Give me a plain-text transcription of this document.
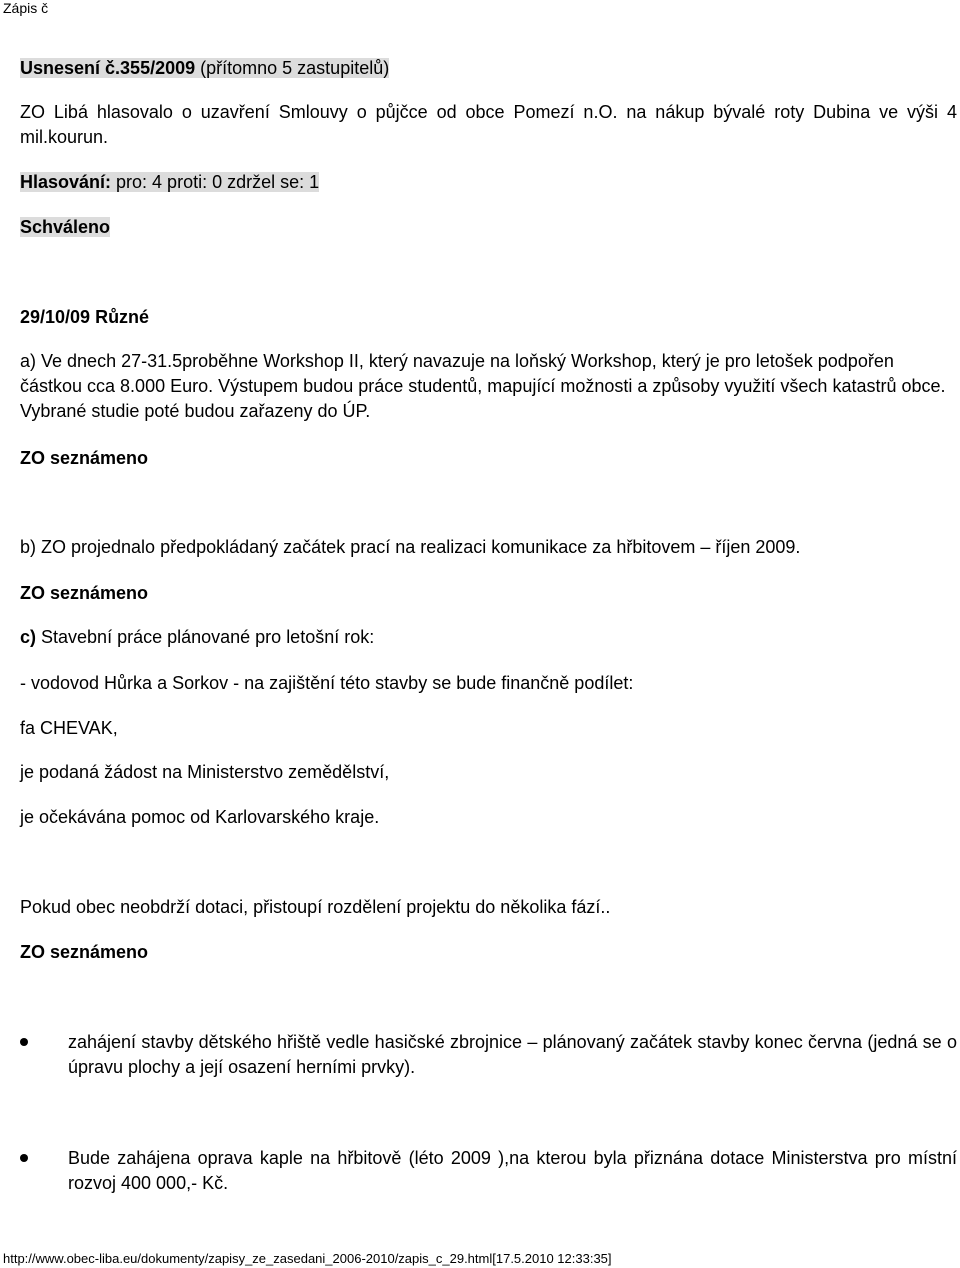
Zápis č
Usnesení č.355/2009 (přítomno 5 zastupitelů)
ZO Libá hlasovalo o uzavření Smlouvy o půjčce od obce Pomezí n.O. na nákup bývalé roty Dubina ve výši 4
mil.kourun.
Hlasování: pro: 4 proti: 0 zdržel se: 1
Schváleno
29/10/09 Různé
a) Ve dnech 27-31.5proběhne Workshop II, který navazuje na loňský Workshop, který je pro letošek podpořen
částkou cca 8.000 Euro. Výstupem budou práce studentů, mapující možnosti a způsoby využití všech katastrů obce.
Vybrané studie poté budou zařazeny do ÚP.
ZO seznámeno
b) ZO projednalo předpokládaný začátek prací na realizaci komunikace za hřbitovem – říjen 2009.
ZO seznámeno
c) Stavební práce plánované pro letošní rok:
- vodovod Hůrka a Sorkov - na zajištění této stavby se bude finančně podílet:
fa CHEVAK,
je podaná žádost na Ministerstvo zemědělství,
je očekávána pomoc od Karlovarského kraje.
Pokud obec neobdrží dotaci, přistoupí rozdělení projektu do několika fází..
ZO seznámeno
zahájení stavby dětského hřiště vedle hasičské zbrojnice – plánovaný začátek stavby konec června (jedná se o úpravu plochy a její osazení herními prvky).
Bude zahájena oprava kaple na hřbitově (léto 2009 ),na kterou byla přiznána dotace Ministerstva pro místní rozvoj 400 000,- Kč.
http://www.obec-liba.eu/dokumenty/zapisy_ze_zasedani_2006-2010/zapis_c_29.html[17.5.2010 12:33:35]
